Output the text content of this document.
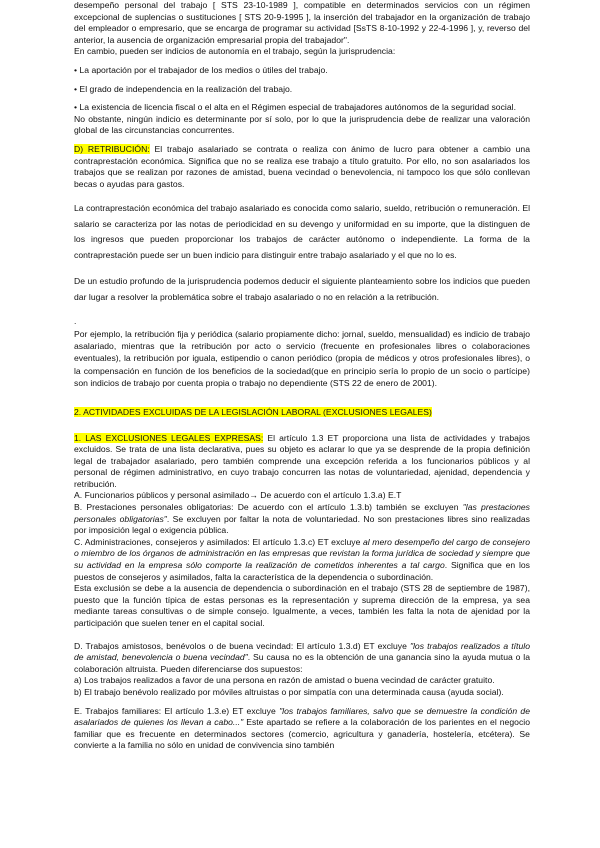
desempeño personal del trabajo [ STS 23-10-1989 ], compatible en determinados servicios con un régimen excepcional de suplencias o sustituciones [ STS 20-9-1995 ], la inserción del trabajador en la organización de trabajo del empleador o empresario, que se encarga de programar su actividad [SsTS 8-10-1992 y 22-4-1996 ], y, reverso del anterior, la ausencia de organización empresarial propia del trabajador".

En cambio, pueden ser indicios de autonomía en el trabajo, según la jurisprudencia:

• La aportación por el trabajador de los medios o útiles del trabajo.

• El grado de independencia en la realización del trabajo.

• La existencia de licencia fiscal o el alta en el Régimen especial de trabajadores autónomos de la seguridad social.

No obstante, ningún indicio es determinante por sí solo, por lo que la jurisprudencia debe de realizar una valoración global de las circunstancias concurrentes.

D) RETRIBUCIÓN: El trabajo asalariado se contrata o realiza con ánimo de lucro para obtener a cambio una contraprestación económica. Significa que no se realiza ese trabajo a título gratuito. Por ello, no son asalariados los trabajos que se realizan por razones de amistad, buena vecindad o benevolencia, ni tampoco los que sólo conllevan becas o ayudas para gastos.

La contraprestación económica del trabajo asalariado es conocida como salario, sueldo, retribución o remuneración. El salario se caracteriza por las notas de periodicidad en su devengo y uniformidad en su importe, que la distinguen de los ingresos que pueden proporcionar los trabajos de carácter autónomo o independiente. La forma de la contraprestación puede ser un buen indicio para distinguir entre trabajo asalariado y el que no lo es.

De un estudio profundo de la jurisprudencia podemos deducir el siguiente planteamiento sobre los indicios que pueden dar lugar a resolver la problemática sobre el trabajo asalariado o no en relación a la retribución.

.

Por ejemplo, la retribución fija y periódica (salario propiamente dicho: jornal, sueldo, mensualidad) es indicio de trabajo asalariado, mientras que la retribución por acto o servicio (frecuente en profesionales libres o colaboraciones eventuales), la retribución por iguala, estipendio o canon periódico (propia de médicos y otros profesionales libres), o la compensación en función de los beneficios de la sociedad(que en principio sería lo propio de un socio o partícipe) son indicios de trabajo por cuenta propia o trabajo no dependiente (STS 22 de enero de 2001).

2. ACTIVIDADES EXCLUIDAS DE LA LEGISLACIÓN LABORAL (EXCLUSIONES LEGALES)

1. LAS EXCLUSIONES LEGALES EXPRESAS: El artículo 1.3 ET proporciona una lista de actividades y trabajos excluidos. Se trata de una lista declarativa, pues su objeto es aclarar lo que ya se desprende de la propia definición legal de trabajador asalariado, pero también comprende una excepción referida a los funcionarios públicos y al personal de régimen administrativo, en cuyo trabajo concurren las notas de voluntariedad, ajenidad, dependencia y retribución.

A. Funcionarios públicos y personal asimilado→ De acuerdo con el artículo 1.3.a) E.T

B. Prestaciones personales obligatorias: De acuerdo con el artículo 1.3.b) también se excluyen "las prestaciones personales obligatorias". Se excluyen por faltar la nota de voluntariedad. No son prestaciones libres sino realizadas por imposición legal o exigencia pública.

C. Administraciones, consejeros y asimilados: El artículo 1.3.c) ET excluye al mero desempeño del cargo de consejero o miembro de los órganos de administración en las empresas que revistan la forma jurídica de sociedad y siempre que su actividad en la empresa sólo comporte la realización de cometidos inherentes a tal cargo. Significa que en los puestos de consejeros y asimilados, falta la característica de la dependencia o subordinación.

Esta exclusión se debe a la ausencia de dependencia o subordinación en el trabajo (STS 28 de septiembre de 1987), puesto que la función típica de estas personas es la representación y suprema dirección de la empresa, ya sea mediante tareas consultivas o de simple consejo. Igualmente, a veces, también les falta la nota de ajenidad por la participación que suelen tener en el capital social.

D. Trabajos amistosos, benévolos o de buena vecindad: El artículo 1.3.d) ET excluye "los trabajos realizados a título de amistad, benevolencia o buena vecindad". Su causa no es la obtención de una ganancia sino la ayuda mutua o la colaboración altruista. Pueden diferenciarse dos supuestos:

a) Los trabajos realizados a favor de una persona en razón de amistad o buena vecindad de carácter gratuito.

b) El trabajo benévolo realizado por móviles altruistas o por simpatía con una determinada causa (ayuda social).

E. Trabajos familiares: El artículo 1.3.e) ET excluye "los trabajos familiares, salvo que se demuestre la condición de asalariados de quienes los llevan a cabo..." Este apartado se refiere a la colaboración de los parientes en el negocio familiar que es frecuente en determinados sectores (comercio, agricultura y ganadería, hostelería, etcétera). Se convierte a la familia no sólo en unidad de convivencia sino también
